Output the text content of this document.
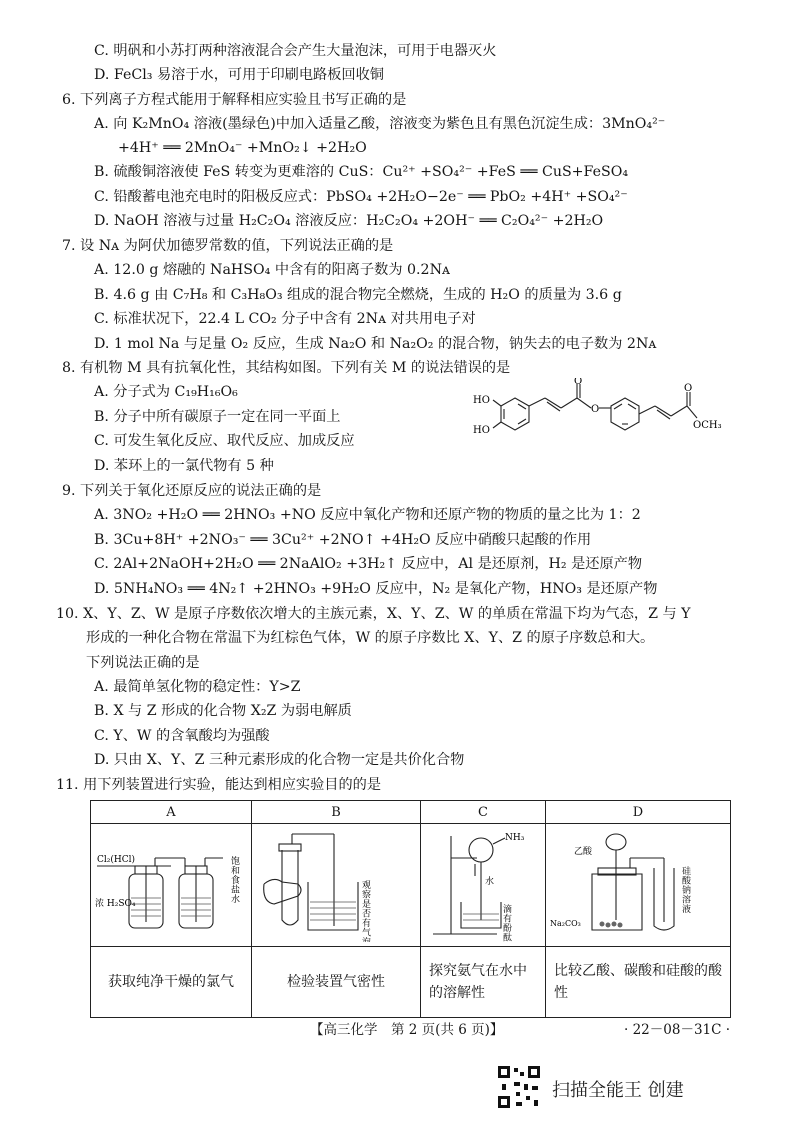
C. 明矾和小苏打两种溶液混合会产生大量泡沫，可用于电器灭火
D. FeCl₃ 易溶于水，可用于印刷电路板回收铜
6. 下列离子方程式能用于解释相应实验且书写正确的是
A. 向 K₂MnO₄ 溶液(墨绿色)中加入适量乙酸，溶液变为紫色且有黑色沉淀生成：3MnO₄²⁻
+4H⁺ ══ 2MnO₄⁻ +MnO₂↓ +2H₂O
B. 硫酸铜溶液使 FeS 转变为更难溶的 CuS：Cu²⁺ +SO₄²⁻ +FeS ══ CuS+FeSO₄
C. 铅酸蓄电池充电时的阳极反应式：PbSO₄ +2H₂O−2e⁻ ══ PbO₂ +4H⁺ +SO₄²⁻
D. NaOH 溶液与过量 H₂C₂O₄ 溶液反应：H₂C₂O₄ +2OH⁻ ══ C₂O₄²⁻ +2H₂O
7. 设 Nᴀ 为阿伏加德罗常数的值，下列说法正确的是
A. 12.0 g 熔融的 NaHSO₄ 中含有的阳离子数为 0.2Nᴀ
B. 4.6 g 由 C₇H₈ 和 C₃H₈O₃ 组成的混合物完全燃烧，生成的 H₂O 的质量为 3.6 g
C. 标准状况下，22.4 L CO₂ 分子中含有 2Nᴀ 对共用电子对
D. 1 mol Na 与足量 O₂ 反应，生成 Na₂O 和 Na₂O₂ 的混合物，钠失去的电子数为 2Nᴀ
8. 有机物 M 具有抗氧化性，其结构如图。下列有关 M 的说法错误的是
A. 分子式为 C₁₉H₁₆O₆
B. 分子中所有碳原子一定在同一平面上
C. 可发生氧化反应、取代反应、加成反应
D. 苯环上的一氯代物有 5 种
HO
HO
O
O
O
OCH₃
9. 下列关于氧化还原反应的说法正确的是
A. 3NO₂ +H₂O ══ 2HNO₃ +NO 反应中氧化产物和还原产物的物质的量之比为 1：2
B. 3Cu+8H⁺ +2NO₃⁻ ══ 3Cu²⁺ +2NO↑ +4H₂O 反应中硝酸只起酸的作用
C. 2Al+2NaOH+2H₂O ══ 2NaAlO₂ +3H₂↑ 反应中，Al 是还原剂，H₂ 是还原产物
D. 5NH₄NO₃ ══ 4N₂↑ +2HNO₃ +9H₂O 反应中，N₂ 是氧化产物，HNO₃ 是还原产物
10. X、Y、Z、W 是原子序数依次增大的主族元素，X、Y、Z、W 的单质在常温下均为气态，Z 与 Y
形成的一种化合物在常温下为红棕色气体，W 的原子序数比 X、Y、Z 的原子序数总和大。
下列说法正确的是
A. 最简单氢化物的稳定性：Y>Z
B. X 与 Z 形成的化合物 X₂Z 为弱电解质
C. Y、W 的含氧酸均为强酸
D. 只由 X、Y、Z 三种元素形成的化合物一定是共价化合物
11. 用下列装置进行实验，能达到相应实验目的的是
A	B	C	D

Cl₂(HCl)
浓 H₂SO₄
饱和食盐水	观察是否有气	NH₃
水
滴有酚酞	乙酸
Na₂CO₃
硅酸钠溶液

获取纯净干燥的氯气	检验装置气密性	探究氨气在水中的溶解性	比较乙酸、碳酸和硅酸的酸性
【高三化学　第 2 页(共 6 页)】	· 22－08－31C ·
扫描全能王 创建
